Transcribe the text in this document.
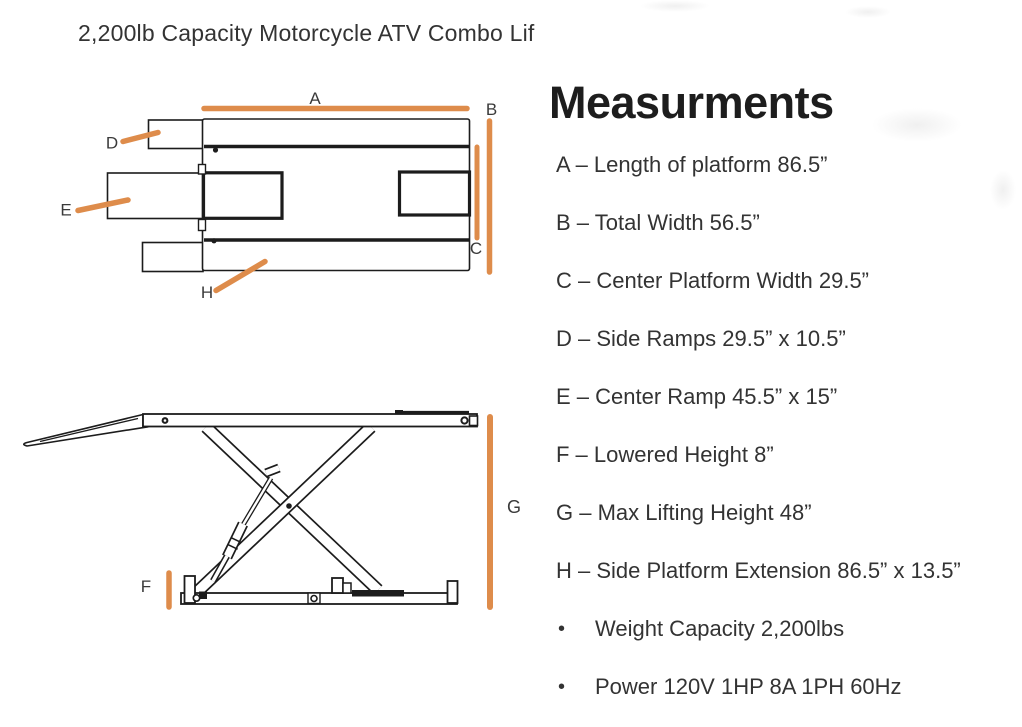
2,200lb Capacity Motorcycle ATV Combo Lif
A
B
C
D
E
H
F
G
Measurments
A – Length of platform 86.5”
B – Total Width 56.5”
C – Center Platform Width 29.5”
D – Side Ramps 29.5” x 10.5”
E – Center Ramp 45.5” x 15”
F – Lowered Height 8”
G – Max Lifting Height 48”
H – Side Platform Extension 86.5” x 13.5”
•	Weight Capacity 2,200lbs
•	Power 120V 1HP 8A 1PH 60Hz
